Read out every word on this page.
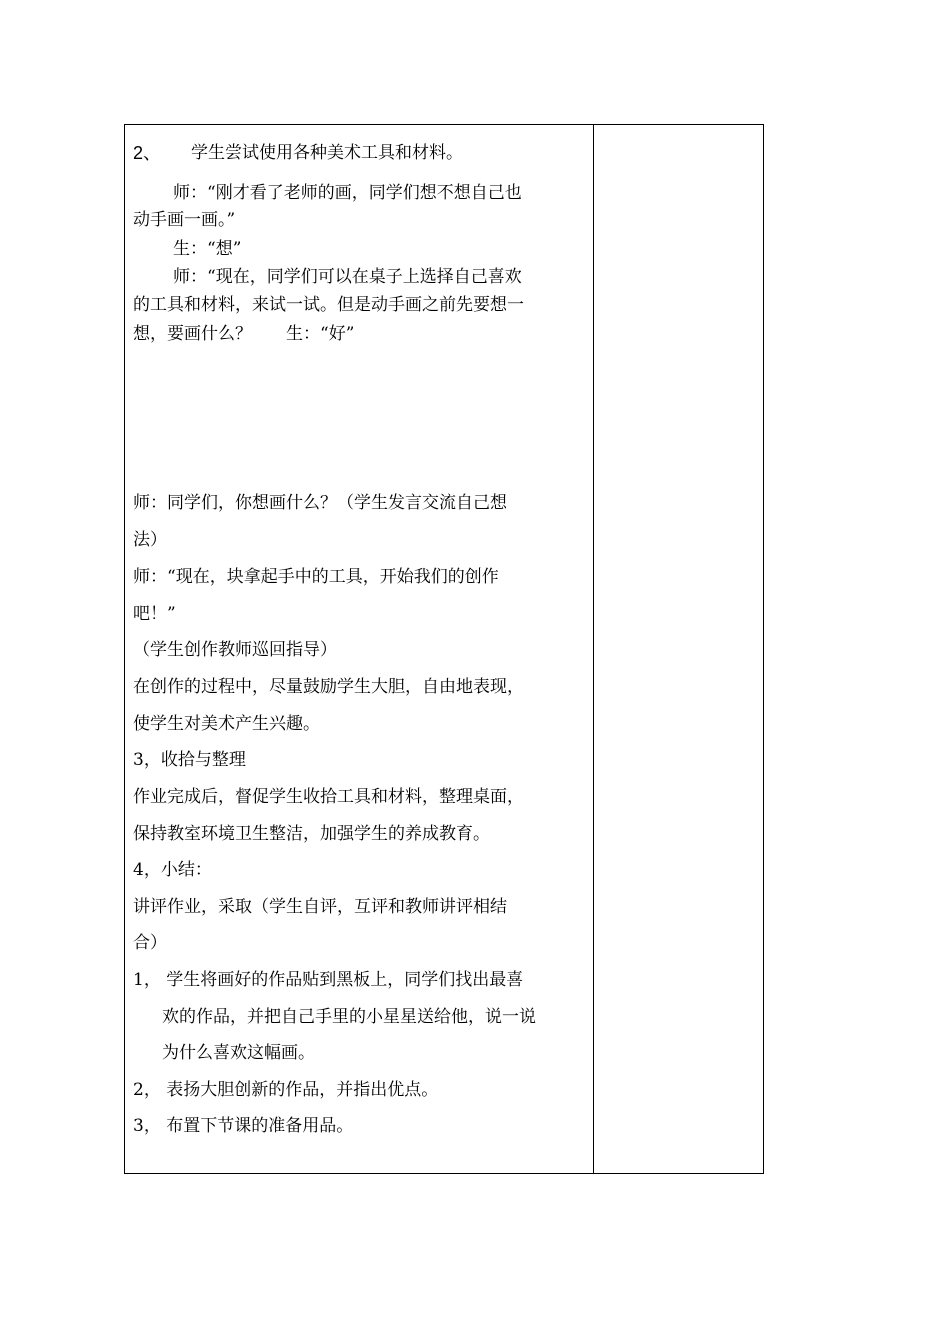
2、 学生尝试使用各种美术工具和材料。
师：“刚才看了老师的画，同学们想不想自己也
动手画一画。”
生：“想”
师：“现在，同学们可以在桌子上选择自己喜欢
的工具和材料，来试一试。但是动手画之前先要想一
想，要画什么？　　生：“好”
师：同学们，你想画什么？（学生发言交流自己想
法）
师：“现在，块拿起手中的工具，开始我们的创作
吧！”
（学生创作教师巡回指导）
在创作的过程中，尽量鼓励学生大胆，自由地表现，
使学生对美术产生兴趣。
3，收拾与整理
作业完成后，督促学生收拾工具和材料，整理桌面，
保持教室环境卫生整洁，加强学生的养成教育。
4，小结：
讲评作业，采取（学生自评，互评和教师讲评相结
合）
1， 学生将画好的作品贴到黑板上，同学们找出最喜
欢的作品，并把自己手里的小星星送给他，说一说
为什么喜欢这幅画。
2， 表扬大胆创新的作品，并指出优点。
3， 布置下节课的准备用品。
